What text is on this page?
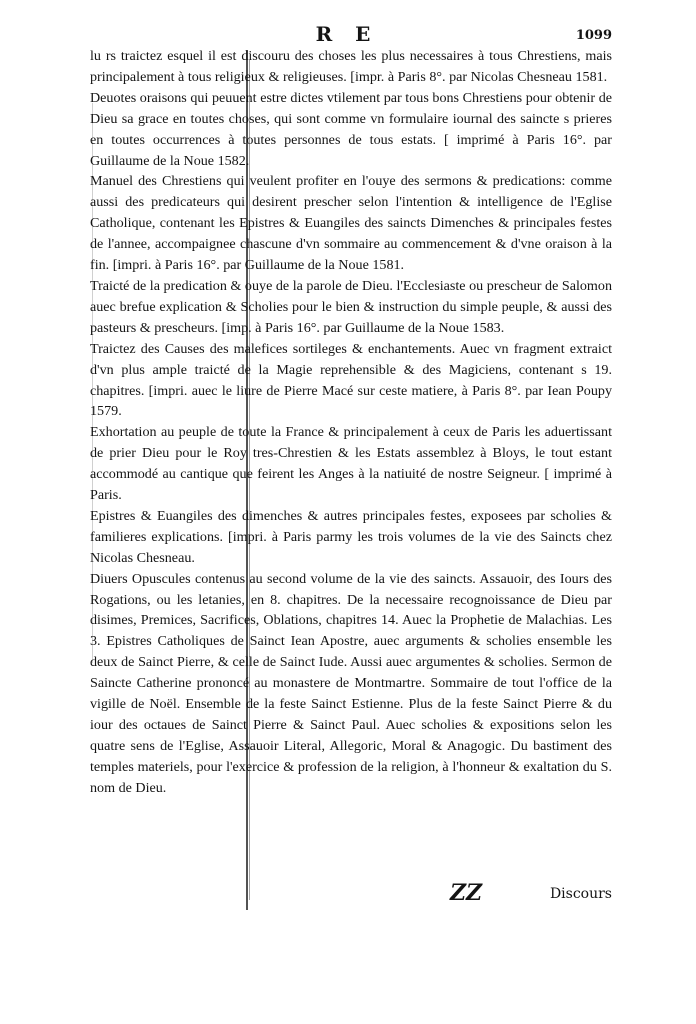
R E	1099

lu rs traictez esquel il est discouru des choses les plus necessaires à tous Chrestiens, mais principalement à tous religieux & religieuses. [impr. à Paris 8°. par Nicolas Chesneau 1581.

Deuotes oraisons qui peuuent estre dictes vtilement par tous bons Chrestiens pour obtenir de Dieu sa grace en toutes choses, qui sont comme vn formulaire iournal des saincte s prieres en toutes occurrences à toutes personnes de tous estats. [ imprimé à Paris 16°. par Guillaume de la Noue 1582.

Manuel des Chrestiens qui veulent profiter en l'ouye des sermons & predications: comme aussi des predicateurs qui desirent prescher selon l'intention & intelligence de l'Eglise Catholique, contenant les Epistres & Euangiles des saincts Dimenches & principales festes de l'annee, accompaignee chascune d'vn sommaire au commencement & d'vne oraison à la fin. [impri. à Paris 16°. par Guillaume de la Noue 1581.

Traicté de la predication & ouye de la parole de Dieu. l'Ecclesiaste ou prescheur de Salomon auec brefue explication & Scholies pour le bien & instruction du simple peuple, & aussi des pasteurs & prescheurs. [imp. à Paris 16°. par Guillaume de la Noue 1583.

Traictez des Causes des malefices sortileges & enchantements. Auec vn fragment extraict d'vn plus ample traicté de la Magie reprehensible & des Magiciens, contenant s 19. chapitres. [impri. auec le liure de Pierre Macé sur ceste matiere, à Paris 8°. par Iean Poupy 1579.

Exhortation au peuple de toute la France & principalement à ceux de Paris les aduertissant de prier Dieu pour le Roy tres-Chrestien & les Estats assemblez à Bloys, le tout estant accommodé au cantique que feirent les Anges à la natiuité de nostre Seigneur. [ imprimé à Paris.

Epistres & Euangiles des dimenches & autres principales festes, exposees par scholies & familieres explications. [impri. à Paris parmy les trois volumes de la vie des Saincts chez Nicolas Chesneau.

Diuers Opuscules contenus au second volume de la vie des saincts. Assauoir, des Iours des Rogations, ou les letanies, en 8. chapitres. De la necessaire recognoissance de Dieu par disimes, Premices, Sacrifices, Oblations, chapitres 14. Auec la Prophetie de Malachias. Les 3. Epistres Catholiques de Sainct Iean Apostre, auec arguments & scholies ensemble les deux de Sainct Pierre, & celle de Sainct Iude. Aussi auec argumentes & scholies. Sermon de Saincte Catherine prononcé au monastere de Montmartre. Sommaire de tout l'office de la vigille de Noël. Ensemble de la feste Sainct Estienne. Plus de la feste Sainct Pierre & du iour des octaues de Sainct Pierre & Sainct Paul. Auec scholies & expositions selon les quatre sens de l'Eglise, Assauoir Literal, Allegoric, Moral & Anagogic. Du bastiment des temples materiels, pour l'exercice & profession de la religion, à l'honneur & exaltation du S. nom de Dieu.

ZZ	Discours
